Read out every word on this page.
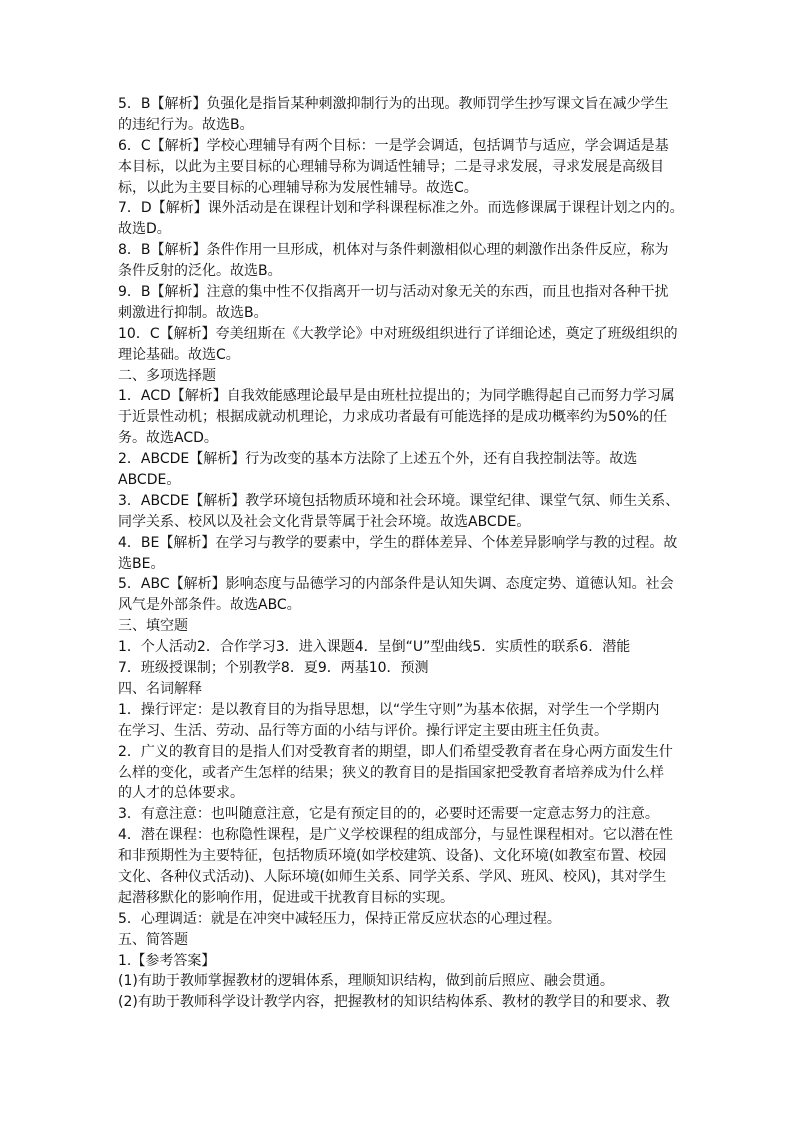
5．B【解析】负强化是指旨某种刺激抑制行为的出现。教师罚学生抄写课文旨在减少学生
的违纪行为。故选B。
6．C【解析】学校心理辅导有两个目标：一是学会调适，包括调节与适应，学会调适是基
本目标，以此为主要目标的心理辅导称为调适性辅导；二是寻求发展，寻求发展是高级目
标，以此为主要目标的心理辅导称为发展性辅导。故选C。
7．D【解析】课外活动是在课程计划和学科课程标准之外。而选修课属于课程计划之内的。
故选D。
8．B【解析】条件作用一旦形成，机体对与条件刺激相似心理的刺激作出条件反应，称为
条件反射的泛化。故选B。
9．B【解析】注意的集中性不仅指离开一切与活动对象无关的东西，而且也指对各种干扰
刺激进行抑制。故选B。
10．C【解析】夸美纽斯在《大教学论》中对班级组织进行了详细论述，奠定了班级组织的
理论基础。故选C。
二、多项选择题
1．ACD【解析】自我效能感理论最早是由班杜拉提出的；为同学瞧得起自己而努力学习属
于近景性动机；根据成就动机理论，力求成功者最有可能选择的是成功概率约为50%的任
务。故选ACD。
2．ABCDE【解析】行为改变的基本方法除了上述五个外，还有自我控制法等。故选
ABCDE。
3．ABCDE【解析】教学环境包括物质环境和社会环境。课堂纪律、课堂气氛、师生关系、
同学关系、校风以及社会文化背景等属于社会环境。故选ABCDE。
4．BE【解析】在学习与教学的要素中，学生的群体差异、个体差异影响学与教的过程。故
选BE。
5．ABC【解析】影响态度与品德学习的内部条件是认知失调、态度定势、道德认知。社会
风气是外部条件。故选ABC。
三、填空题
1．个人活动2．合作学习3．进入课题4．呈倒“U”型曲线5．实质性的联系6．潜能
7．班级授课制；个别教学8．夏9．两基10．预测
四、名词解释
1．操行评定：是以教育目的为指导思想，以“学生守则”为基本依据，对学生一个学期内
在学习、生活、劳动、品行等方面的小结与评价。操行评定主要由班主任负责。
2．广义的教育目的是指人们对受教育者的期望，即人们希望受教育者在身心两方面发生什
么样的变化，或者产生怎样的结果；狭义的教育目的是指国家把受教育者培养成为什么样
的人才的总体要求。
3．有意注意：也叫随意注意，它是有预定目的的，必要时还需要一定意志努力的注意。
4．潜在课程：也称隐性课程，是广义学校课程的组成部分，与显性课程相对。它以潜在性
和非预期性为主要特征，包括物质环境(如学校建筑、设备)、文化环境(如教室布置、校园
文化、各种仪式活动)、人际环境(如师生关系、同学关系、学风、班风、校风)，其对学生
起潜移默化的影响作用，促进或干扰教育目标的实现。
5．心理调适：就是在冲突中减轻压力，保持正常反应状态的心理过程。
五、简答题
1.【参考答案】
(1)有助于教师掌握教材的逻辑体系，理顺知识结构，做到前后照应、融会贯通。
(2)有助于教师科学设计教学内容，把握教材的知识结构体系、教材的教学目的和要求、教
